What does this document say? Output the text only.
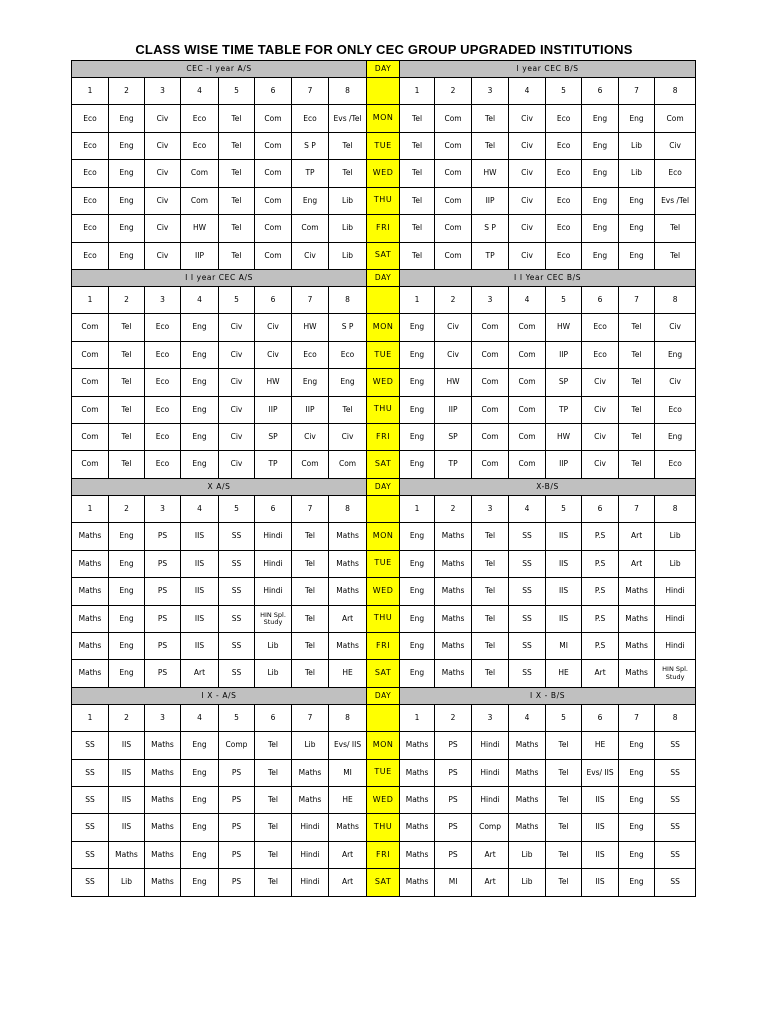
CLASS WISE TIME TABLE FOR ONLY CEC GROUP UPGRADED INSTITUTIONS
CEC -I year A/S								DAY	I year CEC B/S							
1	2	3	4	5	6	7	8		1	2	3	4	5	6	7	8
Eco	Eng	Civ	Eco	Tel	Com	Eco	Evs /Tel	MON	Tel	Com	Tel	Civ	Eco	Eng	Eng	Com
Eco	Eng	Civ	Eco	Tel	Com	S P	Tel	TUE	Tel	Com	Tel	Civ	Eco	Eng	Lib	Civ
Eco	Eng	Civ	Com	Tel	Com	TP	Tel	WED	Tel	Com	HW	Civ	Eco	Eng	Lib	Eco
Eco	Eng	Civ	Com	Tel	Com	Eng	Lib	THU	Tel	Com	IIP	Civ	Eco	Eng	Eng	Evs /Tel
Eco	Eng	Civ	HW	Tel	Com	Com	Lib	FRI	Tel	Com	S P	Civ	Eco	Eng	Eng	Tel
Eco	Eng	Civ	IIP	Tel	Com	Civ	Lib	SAT	Tel	Com	TP	Civ	Eco	Eng	Eng	Tel
I I year CEC A/S								DAY	I I Year CEC B/S							
1	2	3	4	5	6	7	8		1	2	3	4	5	6	7	8
Com	Tel	Eco	Eng	Civ	Civ	HW	S P	MON	Eng	Civ	Com	Com	HW	Eco	Tel	Civ
Com	Tel	Eco	Eng	Civ	Civ	Eco	Eco	TUE	Eng	Civ	Com	Com	IIP	Eco	Tel	Eng
Com	Tel	Eco	Eng	Civ	HW	Eng	Eng	WED	Eng	HW	Com	Com	SP	Civ	Tel	Civ
Com	Tel	Eco	Eng	Civ	IIP	IIP	Tel	THU	Eng	IIP	Com	Com	TP	Civ	Tel	Eco
Com	Tel	Eco	Eng	Civ	SP	Civ	Civ	FRI	Eng	SP	Com	Com	HW	Civ	Tel	Eng
Com	Tel	Eco	Eng	Civ	TP	Com	Com	SAT	Eng	TP	Com	Com	IIP	Civ	Tel	Eco
X A/S								DAY	X-B/S							
1	2	3	4	5	6	7	8		1	2	3	4	5	6	7	8
Maths	Eng	PS	IIS	SS	Hindi	Tel	Maths	MON	Eng	Maths	Tel	SS	IIS	P.S	Art	Lib
Maths	Eng	PS	IIS	SS	Hindi	Tel	Maths	TUE	Eng	Maths	Tel	SS	IIS	P.S	Art	Lib
Maths	Eng	PS	IIS	SS	Hindi	Tel	Maths	WED	Eng	Maths	Tel	SS	IIS	P.S	Maths	Hindi
Maths	Eng	PS	IIS	SS	HIN Spl. Study	Tel	Art	THU	Eng	Maths	Tel	SS	IIS	P.S	Maths	Hindi
Maths	Eng	PS	IIS	SS	Lib	Tel	Maths	FRI	Eng	Maths	Tel	SS	MI	P.S	Maths	Hindi
Maths	Eng	PS	Art	SS	Lib	Tel	HE	SAT	Eng	Maths	Tel	SS	HE	Art	Maths	HIN Spl. Study
I X - A/S								DAY	I X - B/S							
1	2	3	4	5	6	7	8		1	2	3	4	5	6	7	8
SS	IIS	Maths	Eng	Comp	Tel	Lib	Evs/ IIS	MON	Maths	PS	Hindi	Maths	Tel	HE	Eng	SS
SS	IIS	Maths	Eng	PS	Tel	Maths	MI	TUE	Maths	PS	Hindi	Maths	Tel	Evs/ IIS	Eng	SS
SS	IIS	Maths	Eng	PS	Tel	Maths	HE	WED	Maths	PS	Hindi	Maths	Tel	IIS	Eng	SS
SS	IIS	Maths	Eng	PS	Tel	Hindi	Maths	THU	Maths	PS	Comp	Maths	Tel	IIS	Eng	SS
SS	Maths	Maths	Eng	PS	Tel	Hindi	Art	FRI	Maths	PS	Art	Lib	Tel	IIS	Eng	SS
SS	Lib	Maths	Eng	PS	Tel	Hindi	Art	SAT	Maths	MI	Art	Lib	Tel	IIS	Eng	SS
